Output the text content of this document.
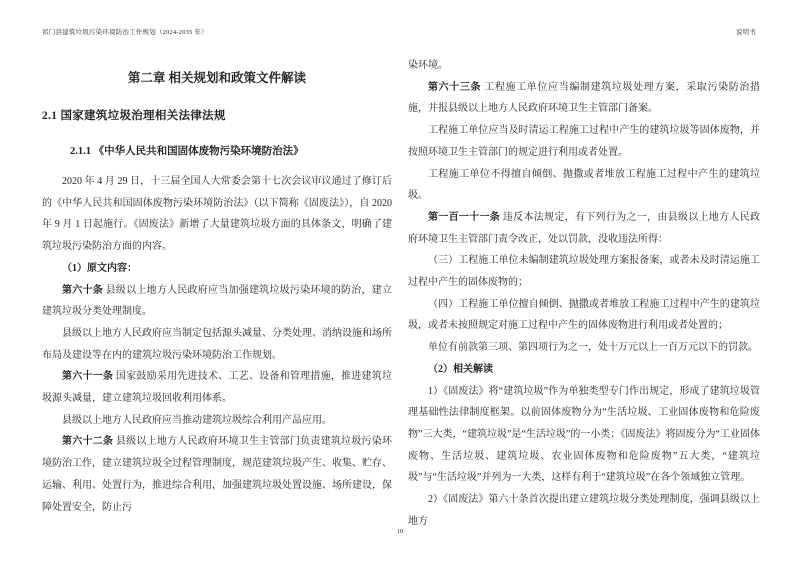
祁门县建筑垃圾污染环境防治工作规划（2024-2035 年）	说明书
第二章 相关规划和政策文件解读
2.1 国家建筑垃圾治理相关法律法规
2.1.1 《中华人民共和国固体废物污染环境防治法》

2020 年 4 月 29 日，十三届全国人大常委会第十七次会议审议通过了修订后的《中华人民共和国固体废物污染环境防治法》（以下简称《固废法》），自 2020 年 9 月 1 日起施行。《固废法》新增了大量建筑垃圾方面的具体条文，明确了建筑垃圾污染防治方面的内容。

（1）原文内容：

第六十条 县级以上地方人民政府应当加强建筑垃圾污染环境的防治，建立建筑垃圾分类处理制度。

县级以上地方人民政府应当制定包括源头减量、分类处理、消纳设施和场所布局及建设等在内的建筑垃圾污染环境防治工作规划。

第六十一条 国家鼓励采用先进技术、工艺、设备和管理措施，推进建筑垃圾源头减量，建立建筑垃圾回收利用体系。

县级以上地方人民政府应当推动建筑垃圾综合利用产品应用。

第六十二条 县级以上地方人民政府环境卫生主管部门负责建筑垃圾污染环境防治工作，建立建筑垃圾全过程管理制度，规范建筑垃圾产生、收集、贮存、运输、利用、处置行为，推进综合利用，加强建筑垃圾处置设施、场所建设，保障处置安全，防止污

染环境。

第六十三条 工程施工单位应当编制建筑垃圾处理方案，采取污染防治措施，并报县级以上地方人民政府环境卫生主管部门备案。

工程施工单位应当及时清运工程施工过程中产生的建筑垃圾等固体废物，并按照环境卫生主管部门的规定进行利用或者处置。

工程施工单位不得擅自倾倒、抛撒或者堆放工程施工过程中产生的建筑垃圾。

第一百一十一条 违反本法规定，有下列行为之一，由县级以上地方人民政府环境卫生主管部门责令改正，处以罚款，没收违法所得：

（三）工程施工单位未编制建筑垃圾处理方案报备案，或者未及时清运施工过程中产生的固体废物的；

（四）工程施工单位擅自倾倒、抛撒或者堆放工程施工过程中产生的建筑垃圾，或者未按照规定对施工过程中产生的固体废物进行利用或者处置的；

单位有前款第三项、第四项行为之一，处十万元以上一百万元以下的罚款。

（2）相关解读

1）《固废法》将“建筑垃圾”作为单独类型专门作出规定，形成了建筑垃圾管理基础性法律制度框架。以前固体废物分为“生活垃圾、工业固体废物和危险废物”三大类，“建筑垃圾”是“生活垃圾”的一小类；《固废法》将固废分为“工业固体废物、生活垃圾、建筑垃圾、农业固体废物和危险废物”五大类，“建筑垃圾”与“生活垃圾”并列为一大类，这样有利于“建筑垃圾”在各个领域独立管理。

2）《固废法》第六十条首次提出建立建筑垃圾分类处理制度，强调县级以上地方

10
